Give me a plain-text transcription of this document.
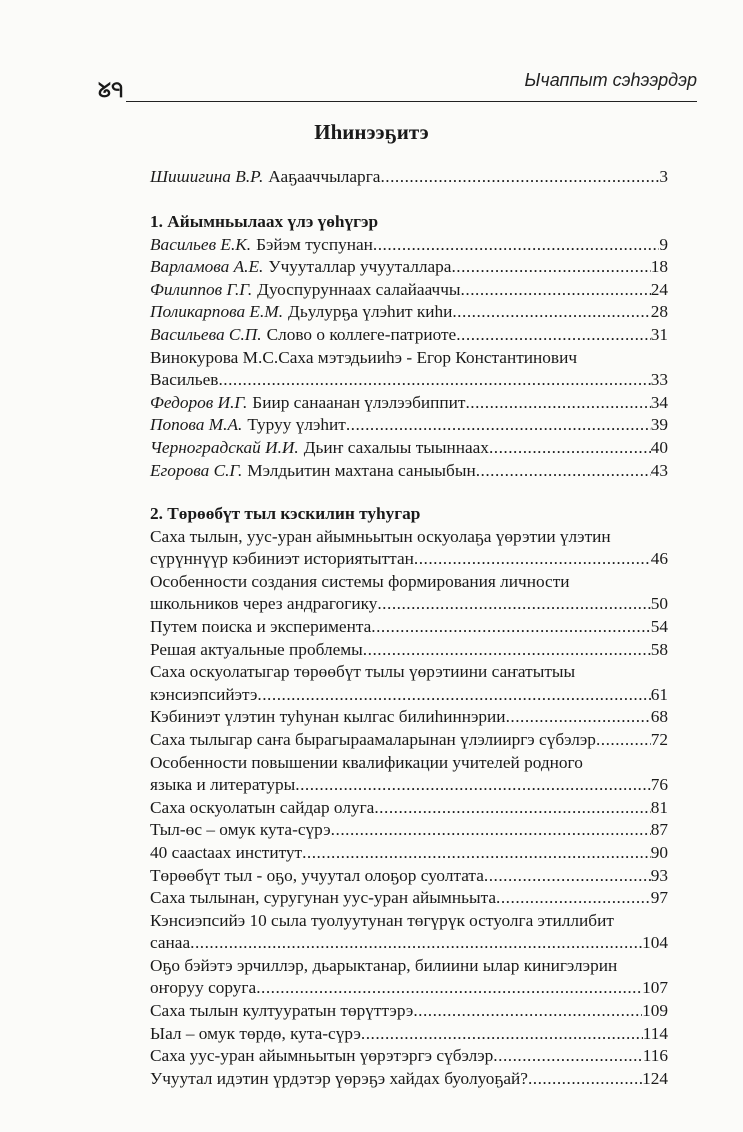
ᘜᑫ	Ычаппыт сэһээрдэр
Иһинээҕитэ
Шишигина В.Р. Ааҕааччыларга .....	3
1. Айымньылаах үлэ үөһүгэр
Васильев Е.К. Бэйэм туспунан .....	9
Варламова А.Е. Учууталлар учууталлара .....	18
Филиппов Г.Г. Дуоспуруннаах салайааччы .....	24
Поликарпова Е.М. Дьулурҕа үлэһит киһи .....	28
Васильева С.П. Слово о коллеге-патриоте .....	31
Винокурова М.С.Саха мэтэдьииһэ - Егор Константинович
Васильев .....	33
Федоров И.Г. Биир санаанан үлэлээбиппит .....	34
Попова М.А. Туруу үлэһит .....	39
Черноградскай И.И. Дьиҥ сахалыы тыыннаах .....	40
Егорова С.Г. Мэлдьитин махтана саныыбын .....	43
2. Төрөөбүт тыл кэскилин туһугар
Саха тылын, уус-уран айымньытын оскуолаҕа үөрэтии үлэтин
сүрүннүүр кэбиниэт историятыттан .....	46
Особенности создания системы формирования личности
школьников через андрагогику .....	50
Путем поиска и эксперимента .....	54
Решая актуальные проблемы .....	58
Саха оскуолатыгар төрөөбүт тылы үөрэтиини саҥатытыы
кэнсиэпсийэтэ .....	61
Кэбиниэт үлэтин туһунан кылгас билиһиннэрии .....	68
Саха тылыгар саҥа бырагыраамаларынан үлэлииргэ сүбэлэр .....	72
Особенности повышении квалификации учителей родного
языка и литературы .....	76
Саха оскуолатын сайдар олуга .....	81
Тыл-өс – омук кута-сүрэ .....	87
40 сааctаах институт .....	90
Төрөөбүт тыл - оҕо, учуутал олоҕор суолтата .....	93
Саха тылынан, суругунан уус-уран айымньыта .....	97
Кэнсиэпсийэ 10 сыла туолуутунан төгүрүк остуолга этиллибит
санаа .....	104
Оҕо бэйэтэ эрчиллэр, дьарыктанар, билиини ылар кинигэлэрин
оҥоруу соруга .....	107
Саха тылын култууратын төрүттэрэ .....	109
Ыал – омук төрдө, кута-сүрэ .....	114
Саха уус-уран айымньытын үөрэтэргэ сүбэлэр .....	116
Учуутал идэтин үрдэтэр үөрэҕэ хайдах буолуоҕай? .....	124
